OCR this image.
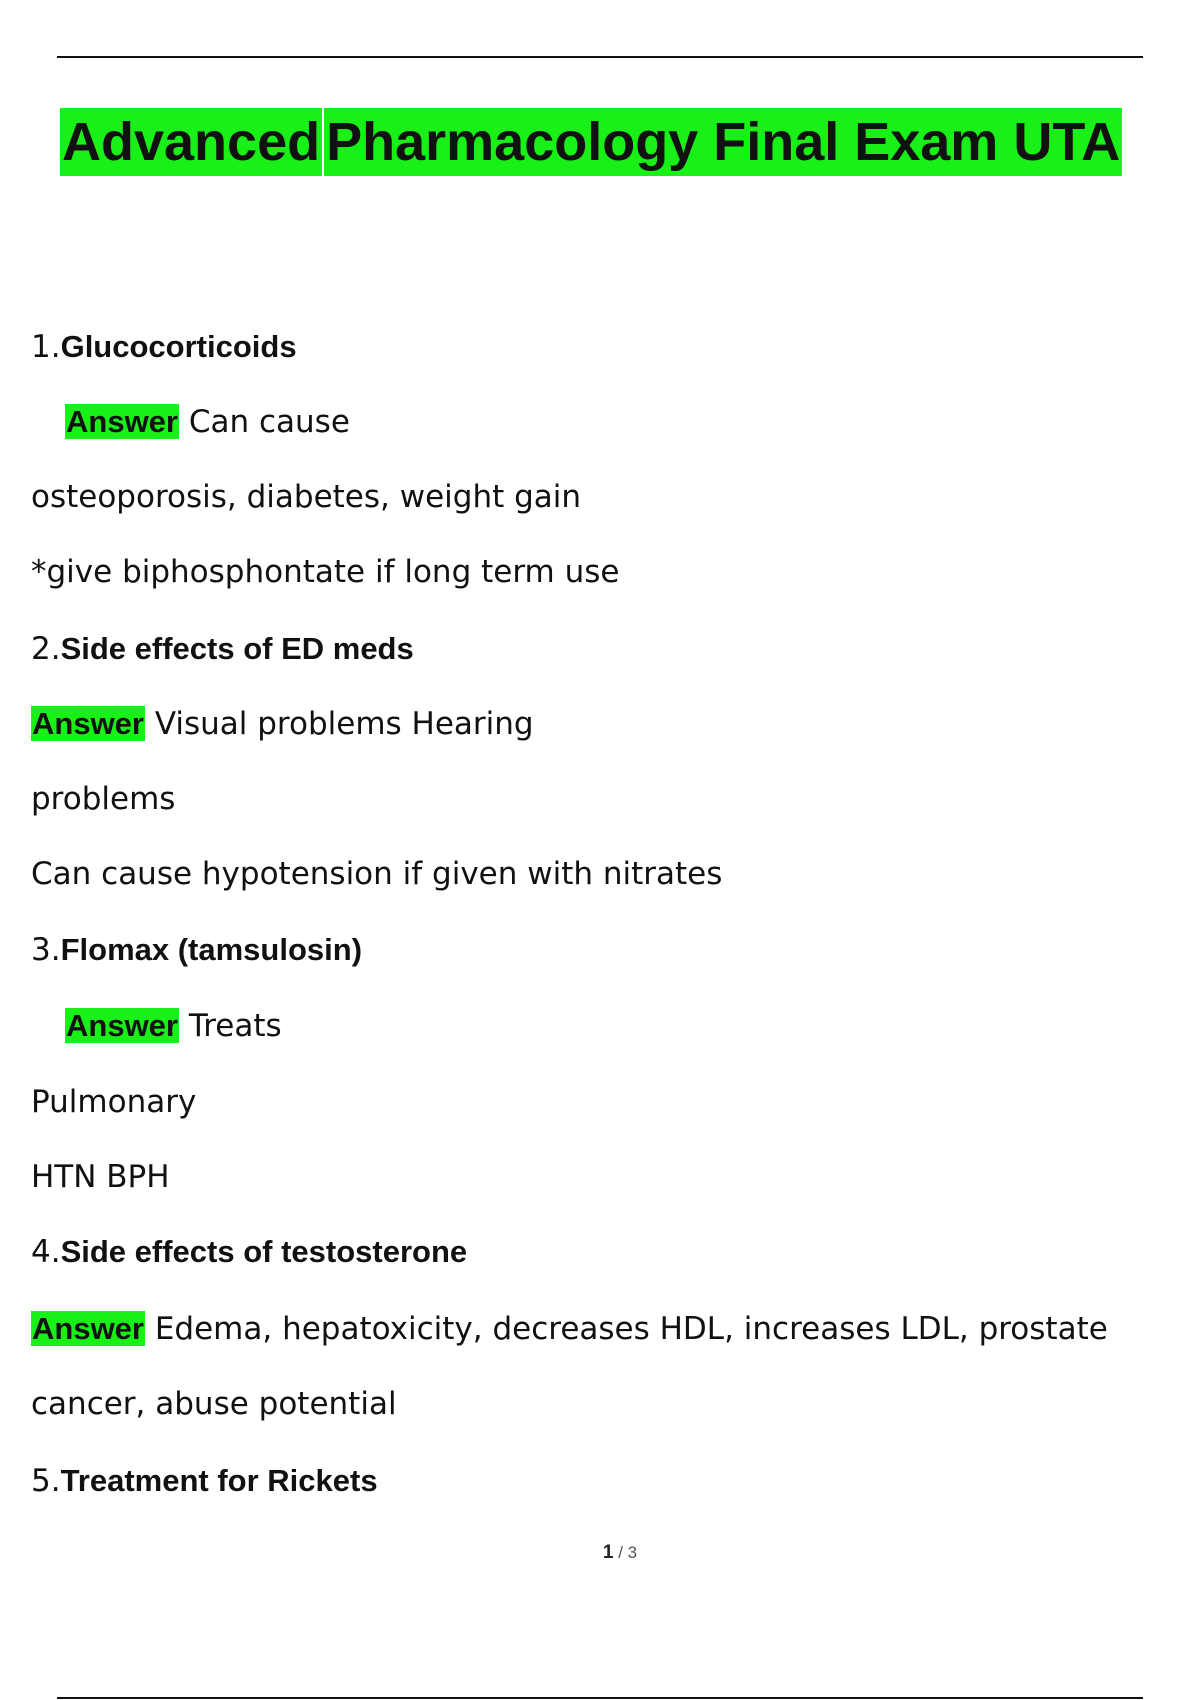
Advanced Pharmacology Final Exam UTA
1.Glucocorticoids
Answer Can cause
osteoporosis, diabetes, weight gain
*give biphosphontate if long term use
2.Side effects of ED meds
Answer Visual problems Hearing
problems
Can cause hypotension if given with nitrates
3.Flomax (tamsulosin)
Answer Treats
Pulmonary
HTN BPH
4.Side effects of testosterone
Answer Edema, hepatoxicity, decreases HDL, increases LDL, prostate
cancer, abuse potential
5.Treatment for Rickets
1 / 3
